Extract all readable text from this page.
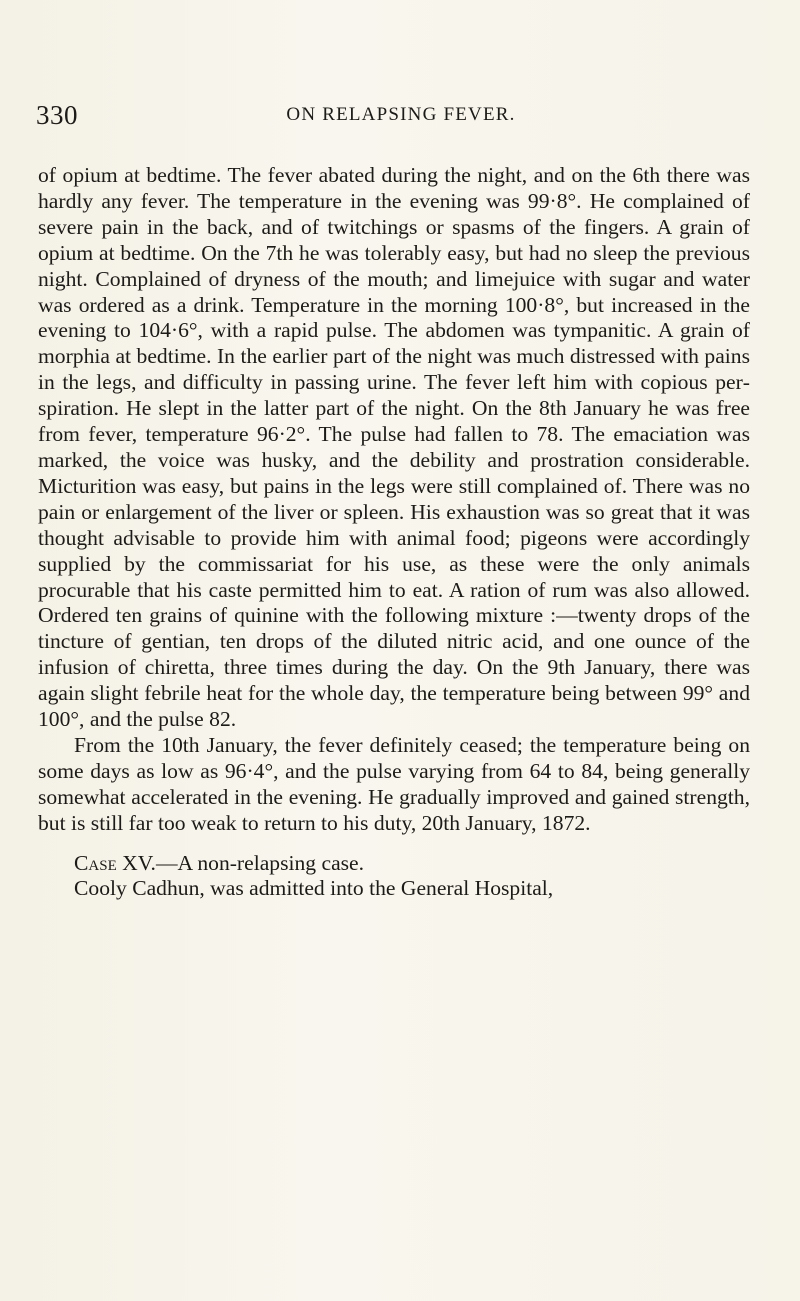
330	ON RELAPSING FEVER.

of opium at bedtime. The fever abated during the night, and on the 6th there was hardly any fever. The temperature in the evening was 99·8°. He complained of severe pain in the back, and of twitchings or spasms of the fingers. A grain of opium at bedtime. On the 7th he was tolerably easy, but had no sleep the previous night. Complained of dryness of the mouth; and limejuice with sugar and water was ordered as a drink. Temperature in the morning 100·8°, but increased in the evening to 104·6°, with a rapid pulse. The abdomen was tympanitic. A grain of morphia at bedtime. In the earlier part of the night was much distressed with pains in the legs, and difficulty in passing urine. The fever left him with copious perspiration. He slept in the latter part of the night. On the 8th January he was free from fever, temperature 96·2°. The pulse had fallen to 78. The emaciation was marked, the voice was husky, and the debility and prostration considerable. Micturition was easy, but pains in the legs were still complained of. There was no pain or enlargement of the liver or spleen. His exhaustion was so great that it was thought advisable to provide him with animal food; pigeons were accordingly supplied by the commissariat for his use, as these were the only animals procurable that his caste permitted him to eat. A ration of rum was also allowed. Ordered ten grains of quinine with the following mixture :—twenty drops of the tincture of gentian, ten drops of the diluted nitric acid, and one ounce of the infusion of chiretta, three times during the day. On the 9th January, there was again slight febrile heat for the whole day, the temperature being between 99° and 100°, and the pulse 82.

From the 10th January, the fever definitely ceased; the temperature being on some days as low as 96·4°, and the pulse varying from 64 to 84, being generally somewhat accelerated in the evening. He gradually improved and gained strength, but is still far too weak to return to his duty, 20th January, 1872.

Case XV.—A non-relapsing case.

Cooly Cadhun, was admitted into the General Hospital,
